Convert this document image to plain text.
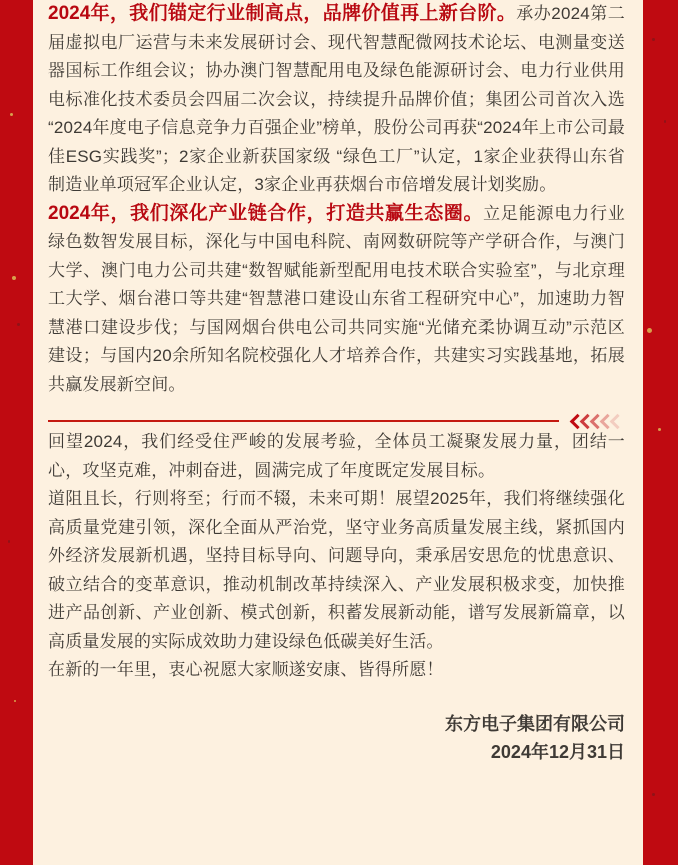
2024年，我们锚定行业制高点，品牌价值再上新台阶。承办2024第二届虚拟电厂运营与未来发展研讨会、现代智慧配微网技术论坛、电测量变送器国标工作组会议；协办澳门智慧配用电及绿色能源研讨会、电力行业供用电标准化技术委员会四届二次会议，持续提升品牌价值；集团公司首次入选“2024年度电子信息竞争力百强企业”榜单，股份公司再获“2024年上市公司最佳ESG实践奖”；2家企业新获国家级 “绿色工厂”认定，1家企业获得山东省制造业单项冠军企业认定，3家企业再获烟台市倍增发展计划奖励。

2024年，我们深化产业链合作，打造共赢生态圈。立足能源电力行业绿色数智发展目标，深化与中国电科院、南网数研院等产学研合作，与澳门大学、澳门电力公司共建“数智赋能新型配用电技术联合实验室”，与北京理工大学、烟台港口等共建“智慧港口建设山东省工程研究中心”，加速助力智慧港口建设步伐；与国网烟台供电公司共同实施“光储充柔协调互动”示范区建设；与国内20余所知名院校强化人才培养合作，共建实习实践基地，拓展共赢发展新空间。

回望2024，我们经受住严峻的发展考验，全体员工凝聚发展力量，团结一心，攻坚克难，冲刺奋进，圆满完成了年度既定发展目标。

道阻且长，行则将至；行而不辍，未来可期！展望2025年，我们将继续强化高质量党建引领，深化全面从严治党，坚守业务高质量发展主线，紧抓国内外经济发展新机遇，坚持目标导向、问题导向，秉承居安思危的忧患意识、破立结合的变革意识，推动机制改革持续深入、产业发展积极求变，加快推进产品创新、产业创新、模式创新，积蓄发展新动能，谱写发展新篇章，以高质量发展的实际成效助力建设绿色低碳美好生活。

在新的一年里，衷心祝愿大家顺遂安康、皆得所愿！

东方电子集团有限公司
2024年12月31日
